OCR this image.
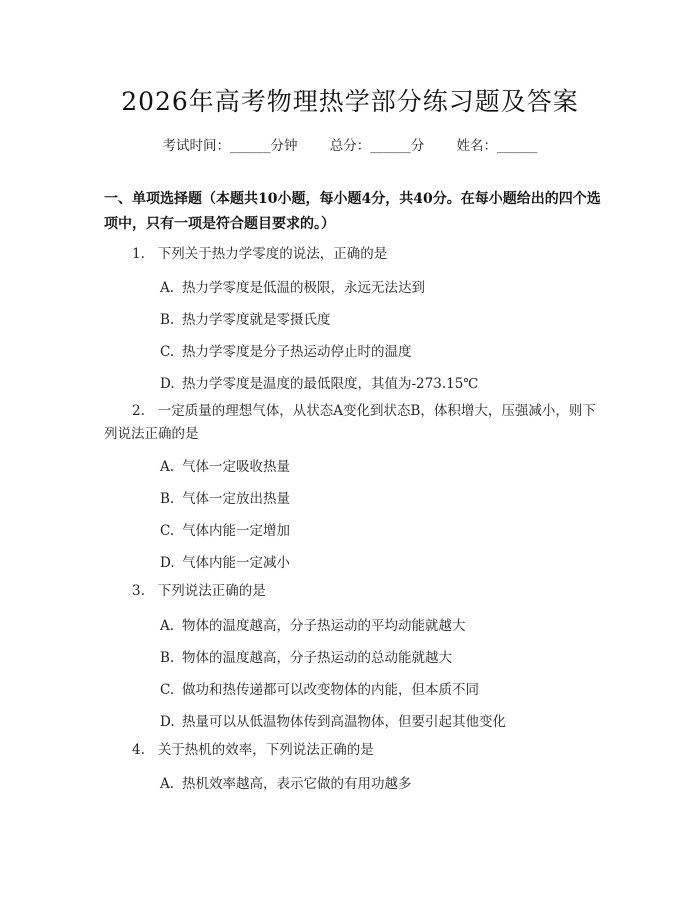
2026年高考物理热学部分练习题及答案
考试时间：______分钟 总分：______分 姓名：______
一、单项选择题（本题共10小题，每小题4分，共40分。在每小题给出的四个选项中，只有一项是符合题目要求的。）
1. 下列关于热力学零度的说法，正确的是
A. 热力学零度是低温的极限，永远无法达到
B. 热力学零度就是零摄氏度
C. 热力学零度是分子热运动停止时的温度
D. 热力学零度是温度的最低限度，其值为-273.15℃
2. 一定质量的理想气体，从状态A变化到状态B，体积增大，压强减小，则下列说法正确的是
A. 气体一定吸收热量
B. 气体一定放出热量
C. 气体内能一定增加
D. 气体内能一定减小
3. 下列说法正确的是
A. 物体的温度越高，分子热运动的平均动能就越大
B. 物体的温度越高，分子热运动的总动能就越大
C. 做功和热传递都可以改变物体的内能，但本质不同
D. 热量可以从低温物体传到高温物体，但要引起其他变化
4. 关于热机的效率，下列说法正确的是
A. 热机效率越高，表示它做的有用功越多
